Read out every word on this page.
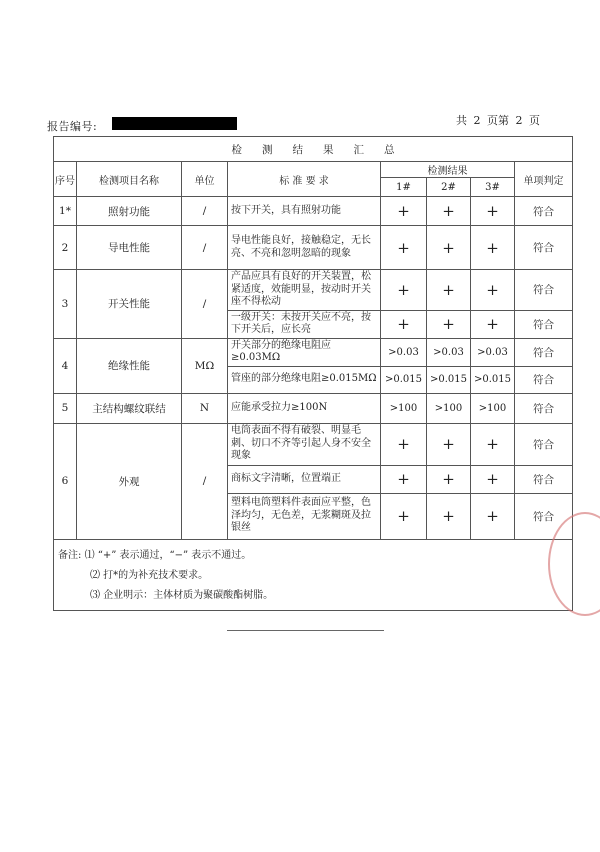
报告编号:	共 2 页第 2 页
检测结果汇总							
序号	检测项目名称	单位	标 准 要 求	检测结果			单项判定
				1#	2#	3#	
1*	照射功能	/	按下开关，具有照射功能	+	+	+	符合
2	导电性能	/	导电性能良好，接触稳定，无长亮、不亮和忽明忽暗的现象	+	+	+	符合
3	开关性能	/	产品应具有良好的开关装置，松紧适度，效能明显，按动时开关座不得松动	+	+	+	符合
			一级开关：未按开关应不亮，按下开关后，应长亮	+	+	+	符合
4	绝缘性能	MΩ	开关部分的绝缘电阻应≥0.03MΩ	>0.03	>0.03	>0.03	符合
			管座的部分绝缘电阻≥0.015MΩ	>0.015	>0.015	>0.015	符合
5	主结构螺纹联结	N	应能承受拉力≥100N	>100	>100	>100	符合
6	外观	/	电筒表面不得有破裂、明显毛刺、切口不齐等引起人身不安全现象	+	+	+	符合
			商标文字清晰，位置端正	+	+	+	符合
			塑料电筒塑料件表面应平整，色泽均匀，无色差，无浆糊斑及拉银丝	+	+	+	符合

备注: ⑴ “+” 表示通过，“−” 表示不通过。
⑵ 打*的为补充技术要求。
⑶ 企业明示：主体材质为聚碳酸酯树脂。							
